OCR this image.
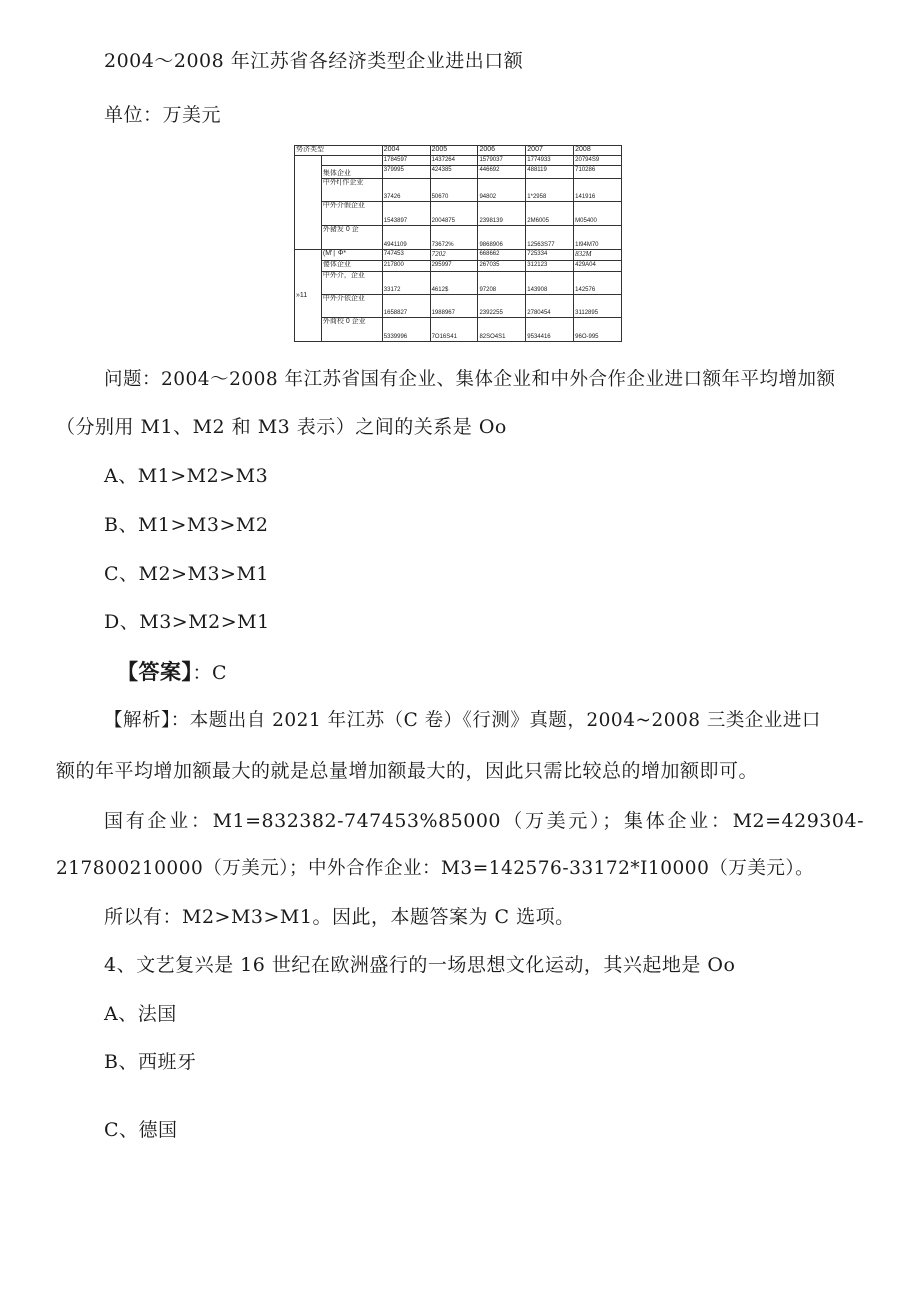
2004～2008 年江苏省各经济类型企业进出口额
单位：万美元
势济类型		2004	2005	2006	2007	2008
		1784597	1437264	1579037	1774933	20794S9
	集体企业	379995	424385	446692	488119	710286
	中外f∣作企业	37426	50670	94802	1*2958	141916
	中外介假企业	1543897	2004875	2398139	2M6005	M05400
	外豬发 0 企	4941109	73672%	9868906	12563S77	1I94M70
»11	(M'∣ Φ*	747453	7202	668662	725334	832M
	傻体企业	217800	295997	267035	312123	429A04
	中外介，企亚	33172	4612$	97208	143908	142576
	中外介依企业	1658827	1988967	2392255	2780454	3112895
	外商校 0 企业	5339996	7O16S41	82SO4S1	9534416	96O-995
问题：2004～2008 年江苏省国有企业、集体企业和中外合作企业进口额年平均增加额
（分别用 M1、M2 和 M3 表示）之间的关系是 Oo
A、M1>M2>M3
B、M1>M3>M2
C、M2>M3>M1
D、M3>M2>M1
【答案】：C
【解析】：本题出自 2021 年江苏（C 卷）《行测》真题，2004~2008 三类企业进口
额的年平均增加额最大的就是总量增加额最大的，因此只需比较总的增加额即可。
国有企业：M1=832382-747453%85000（万美元）；集体企业：M2=429304-
217800210000（万美元）；中外合作企业：M3=142576-33172*I10000（万美元）。
所以有：M2>M3>M1。因此，本题答案为 C 选项。
4、文艺复兴是 16 世纪在欧洲盛行的一场思想文化运动，其兴起地是 Oo
A、法国
B、西班牙
C、德国
